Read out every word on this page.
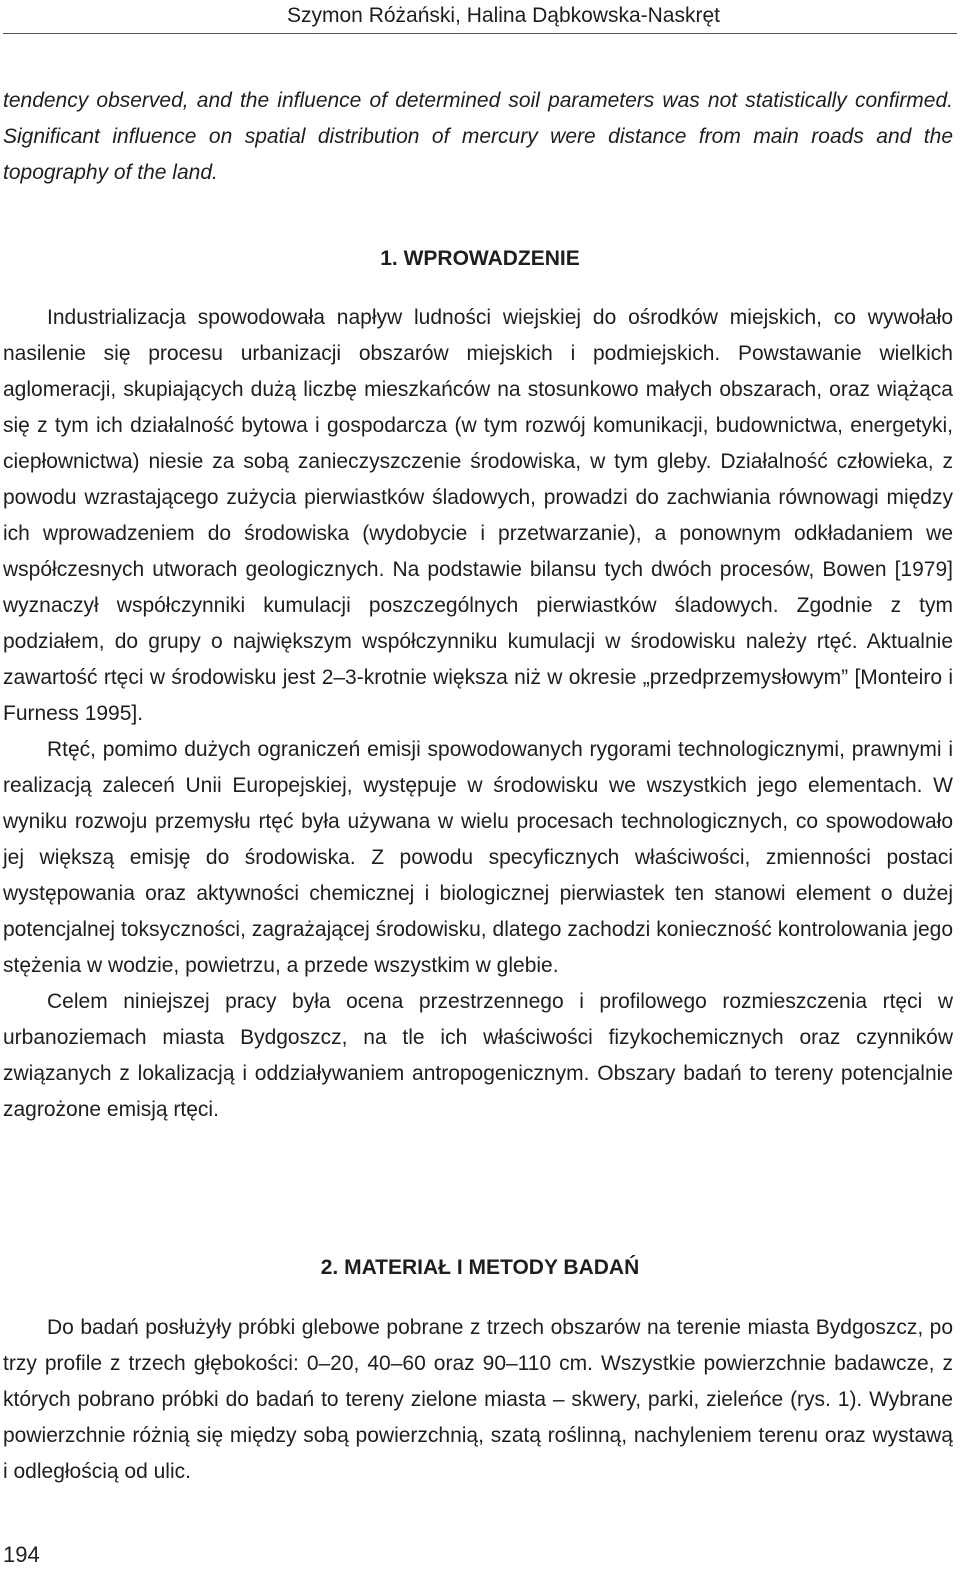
Szymon Różański, Halina Dąbkowska-Naskręt

tendency observed, and the influence of determined soil parameters was not statistically confirmed. Significant influence on spatial distribution of mercury were distance from main roads and the topography of the land.

1. WPROWADZENIE

Industrializacja spowodowała napływ ludności wiejskiej do ośrodków miejskich, co wywołało nasilenie się procesu urbanizacji obszarów miejskich i podmiejskich. Powstawanie wielkich aglomeracji, skupiających dużą liczbę mieszkańców na stosunkowo małych obszarach, oraz wiążąca się z tym ich działalność bytowa i gospodarcza (w tym rozwój komunikacji, budownictwa, energetyki, ciepłownictwa) niesie za sobą zanieczyszczenie środowiska, w tym gleby. Działalność człowieka, z powodu wzrastającego zużycia pierwiastków śladowych, prowadzi do zachwiania równowagi między ich wprowadzeniem do środowiska (wydobycie i przetwarzanie), a ponownym odkładaniem we współczesnych utworach geologicznych. Na podstawie bilansu tych dwóch procesów, Bowen [1979] wyznaczył współczynniki kumulacji poszczególnych pierwiastków śladowych. Zgodnie z tym podziałem, do grupy o największym współczynniku kumulacji w środowisku należy rtęć. Aktualnie zawartość rtęci w środowisku jest 2–3-krotnie większa niż w okresie „przedprzemysłowym” [Monteiro i Furness 1995].

Rtęć, pomimo dużych ograniczeń emisji spowodowanych rygorami technologicznymi, prawnymi i realizacją zaleceń Unii Europejskiej, występuje w środowisku we wszystkich jego elementach. W wyniku rozwoju przemysłu rtęć była używana w wielu procesach technologicznych, co spowodowało jej większą emisję do środowiska. Z powodu specyficznych właściwości, zmienności postaci występowania oraz aktywności chemicznej i biologicznej pierwiastek ten stanowi element o dużej potencjalnej toksyczności, zagrażającej środowisku, dlatego zachodzi konieczność kontrolowania jego stężenia w wodzie, powietrzu, a przede wszystkim w glebie.

Celem niniejszej pracy była ocena przestrzennego i profilowego rozmieszczenia rtęci w urbanoziemach miasta Bydgoszcz, na tle ich właściwości fizykochemicznych oraz czynników związanych z lokalizacją i oddziaływaniem antropogenicznym. Obszary badań to tereny potencjalnie zagrożone emisją rtęci.

2. MATERIAŁ I METODY BADAŃ

Do badań posłużyły próbki glebowe pobrane z trzech obszarów na terenie miasta Bydgoszcz, po trzy profile z trzech głębokości: 0–20, 40–60 oraz 90–110 cm. Wszystkie powierzchnie badawcze, z których pobrano próbki do badań to tereny zielone miasta – skwery, parki, zieleńce (rys. 1). Wybrane powierzchnie różnią się między sobą powierzchnią, szatą roślinną, nachyleniem terenu oraz wystawą i odległością od ulic.

194
